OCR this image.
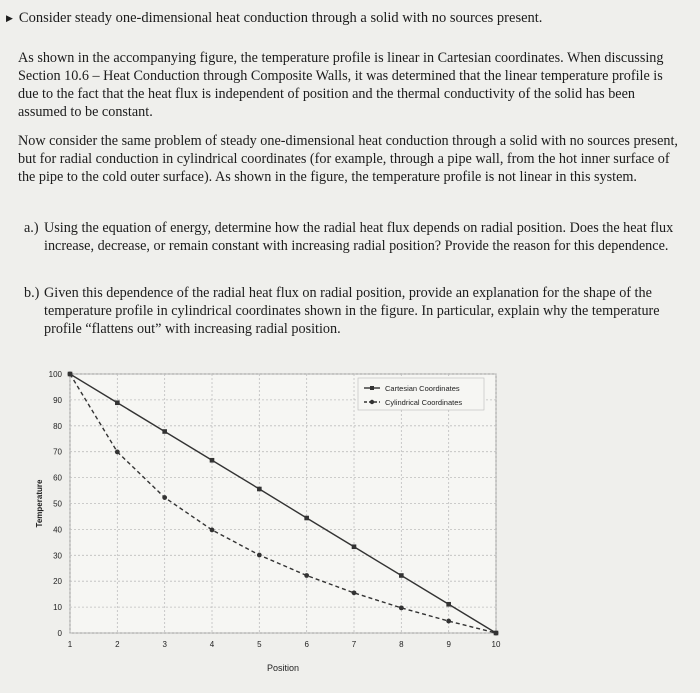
▶ Consider steady one-dimensional heat conduction through a solid with no sources present.
As shown in the accompanying figure, the temperature profile is linear in Cartesian coordinates. When discussing Section 10.6 – Heat Conduction through Composite Walls, it was determined that the linear temperature profile is due to the fact that the heat flux is independent of position and the thermal conductivity of the solid has been assumed to be constant.
Now consider the same problem of steady one-dimensional heat conduction through a solid with no sources present, but for radial conduction in cylindrical coordinates (for example, through a pipe wall, from the hot inner surface of the pipe to the cold outer surface). As shown in the figure, the temperature profile is not linear in this system.
a.) Using the equation of energy, determine how the radial heat flux depends on radial position. Does the heat flux increase, decrease, or remain constant with increasing radial position? Provide the reason for this dependence.
b.) Given this dependence of the radial heat flux on radial position, provide an explanation for the shape of the temperature profile in cylindrical coordinates shown in the figure. In particular, explain why the temperature profile “flattens out” with increasing radial position.
0
10
20
30
40
50
60
70
80
90
100
1	2	3	4	5	6	7	8	9	10
Position
Temperature
Cartesian Coordinates
Cylindrical Coordinates
